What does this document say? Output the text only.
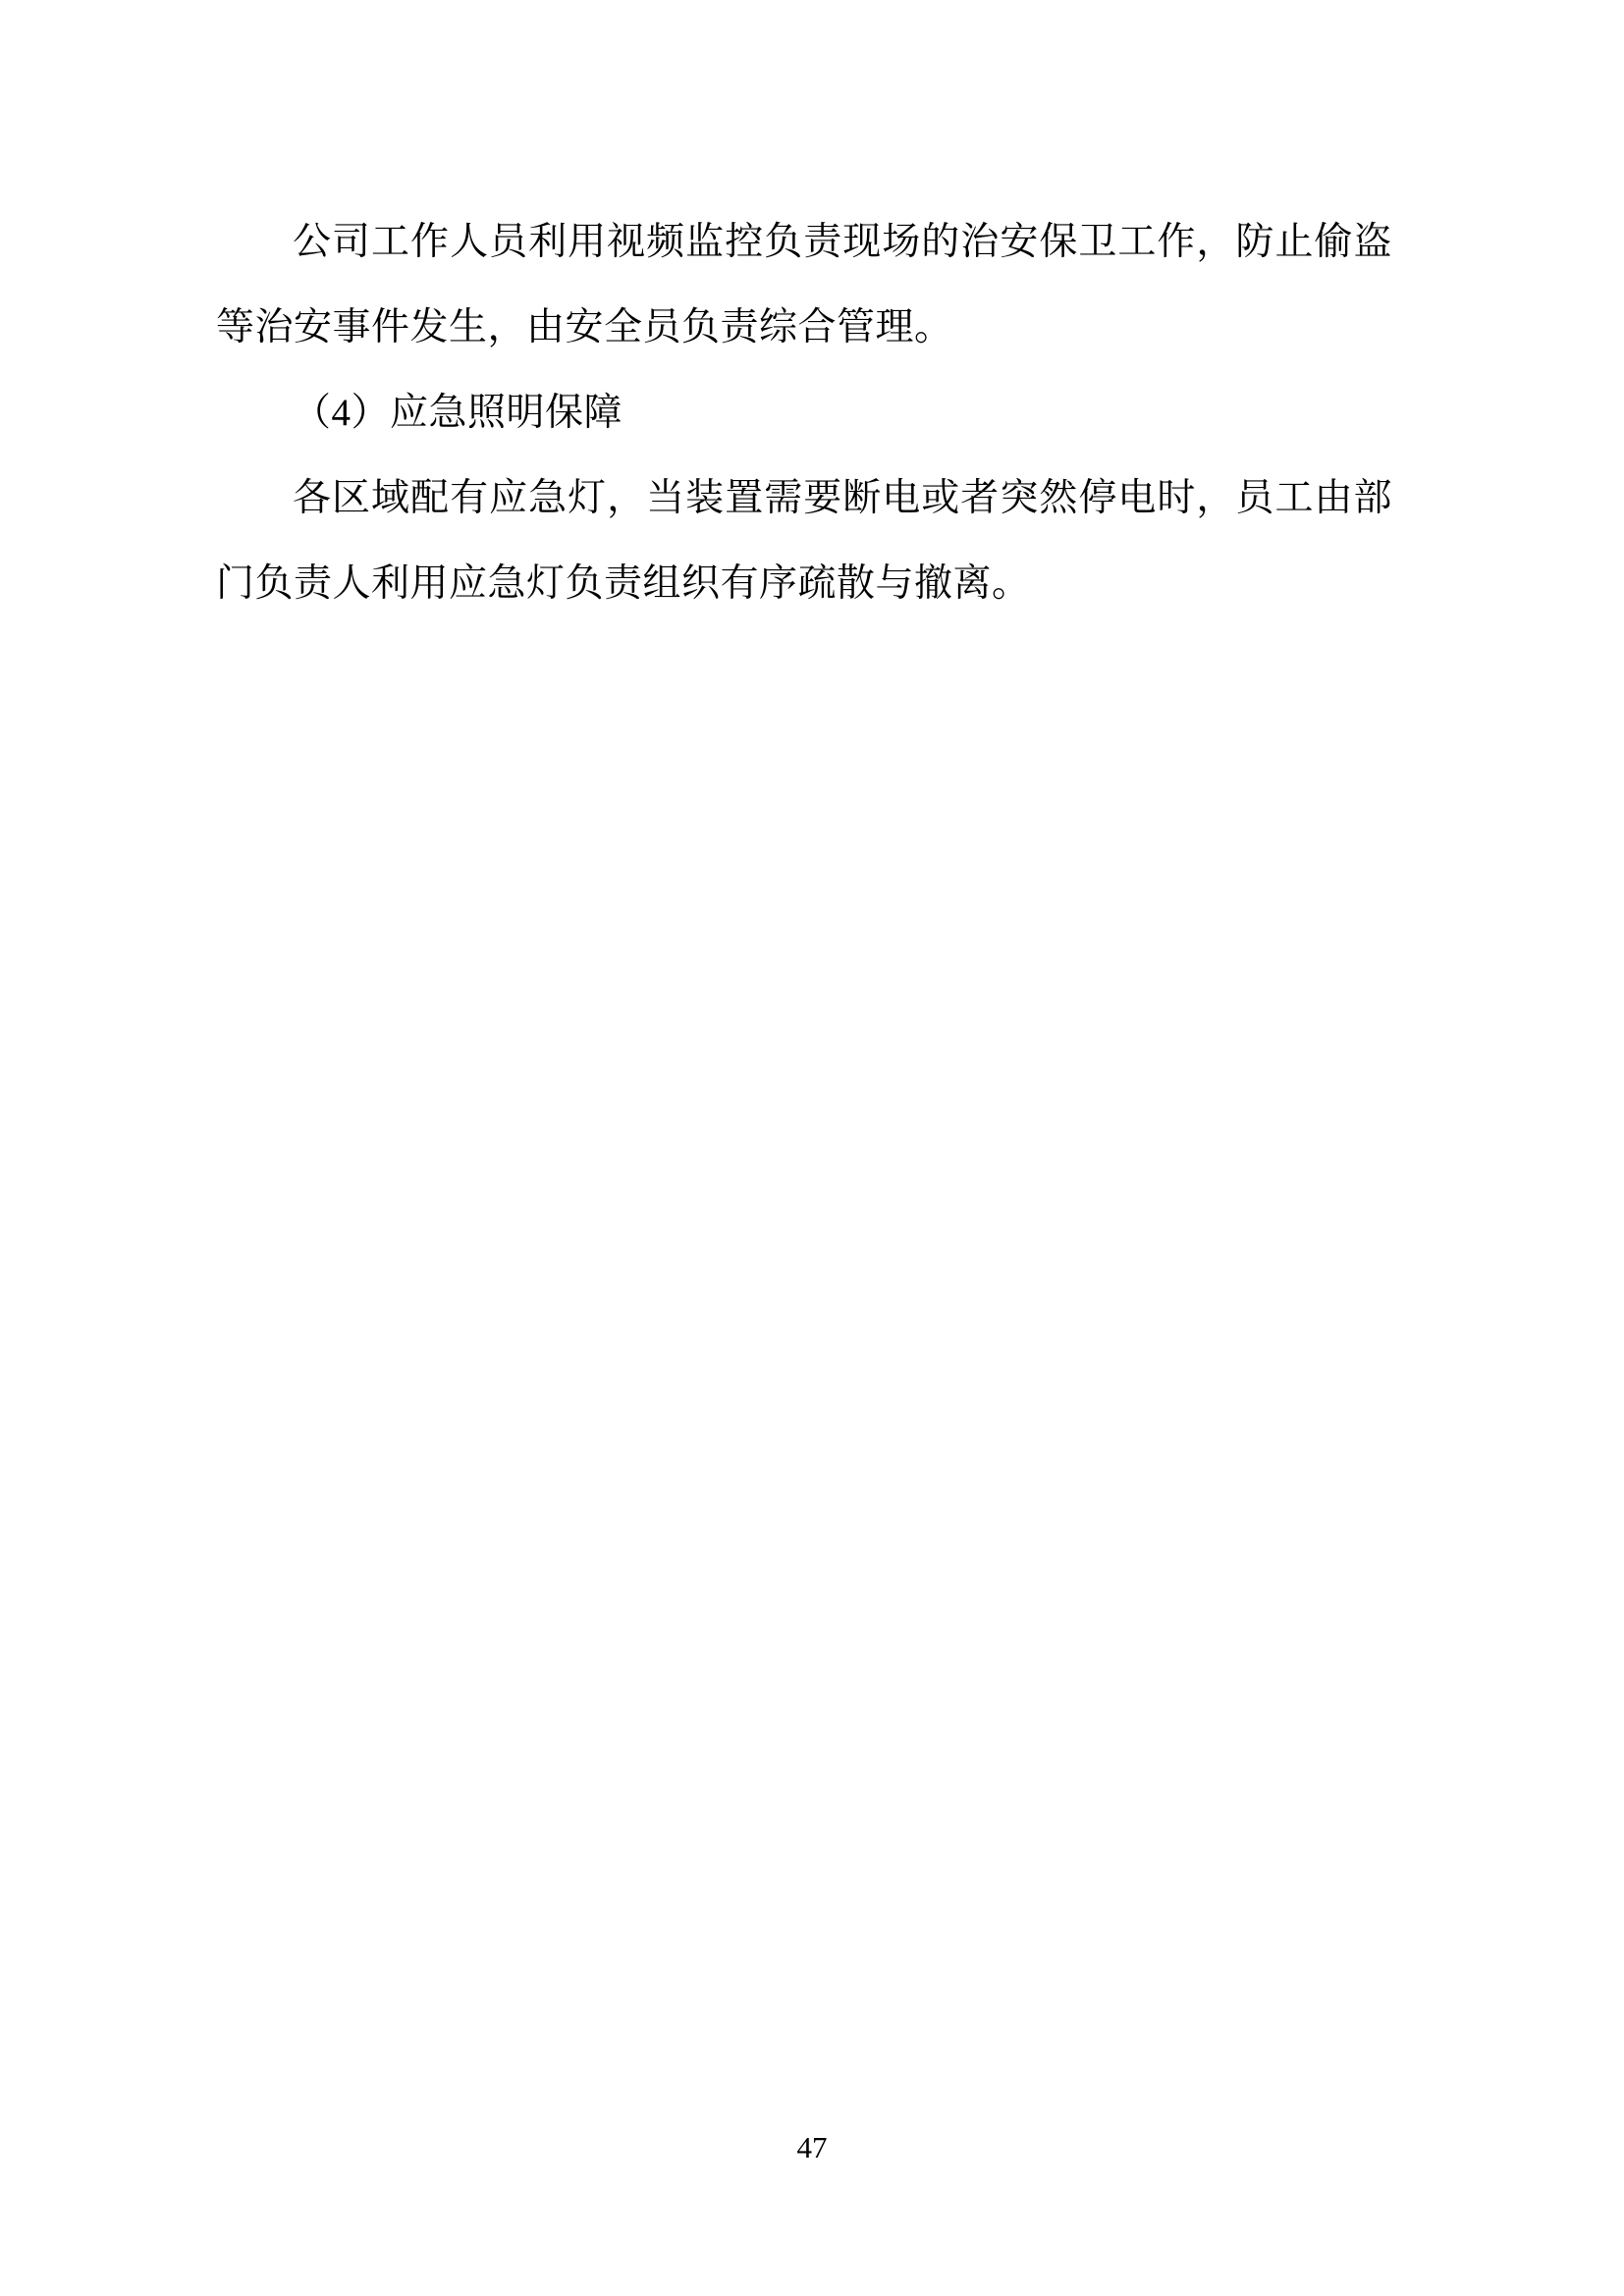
公司工作人员利用视频监控负责现场的治安保卫工作，防止偷盗等治安事件发生，由安全员负责综合管理。

（4）应急照明保障

各区域配有应急灯，当装置需要断电或者突然停电时，员工由部门负责人利用应急灯负责组织有序疏散与撤离。

47
